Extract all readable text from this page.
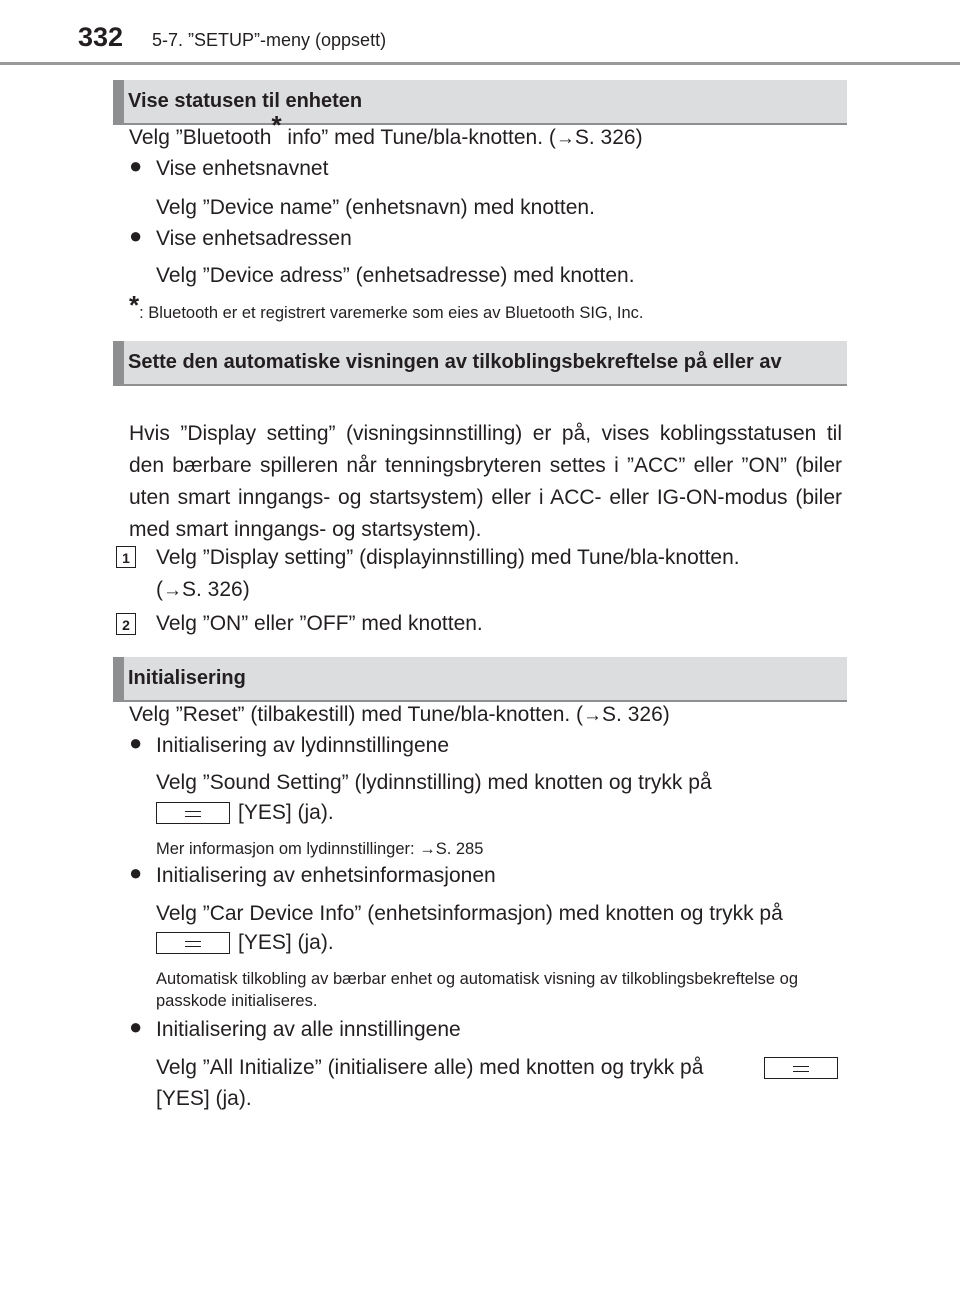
332 5-7. ”SETUP”-meny (oppsett)
Vise statusen til enheten
Velg ”Bluetooth* info” med Tune/bla-knotten. (→S. 326)
● Vise enhetsnavnet
Velg ”Device name” (enhetsnavn) med knotten.
● Vise enhetsadressen
Velg ”Device adress” (enhetsadresse) med knotten.
*: Bluetooth er et registrert varemerke som eies av Bluetooth SIG, Inc.
Sette den automatiske visningen av tilkoblingsbekreftelse på eller av
Hvis ”Display setting” (visningsinnstilling) er på, vises koblingsstatusen til den bærbare spilleren når tenningsbryteren settes i ”ACC” eller ”ON” (biler uten smart inngangs- og startsystem) eller i ACC- eller IG-ON-modus (biler med smart inngangs- og startsystem).
1 Velg ”Display setting” (displayinnstilling) med Tune/bla-knotten.
(→S. 326)
2 Velg ”ON” eller ”OFF” med knotten.
Initialisering
Velg ”Reset” (tilbakestill) med Tune/bla-knotten. (→S. 326)
● Initialisering av lydinnstillingene
Velg ”Sound Setting” (lydinnstilling) med knotten og trykk på
[YES] (ja).
Mer informasjon om lydinnstillinger: →S. 285
● Initialisering av enhetsinformasjonen
Velg ”Car Device Info” (enhetsinformasjon) med knotten og trykk på
[YES] (ja).
Automatisk tilkobling av bærbar enhet og automatisk visning av tilkoblingsbekreftelse og passkode initialiseres.
● Initialisering av alle innstillingene
Velg ”All Initialize” (initialisere alle) med knotten og trykk på
[YES] (ja).
